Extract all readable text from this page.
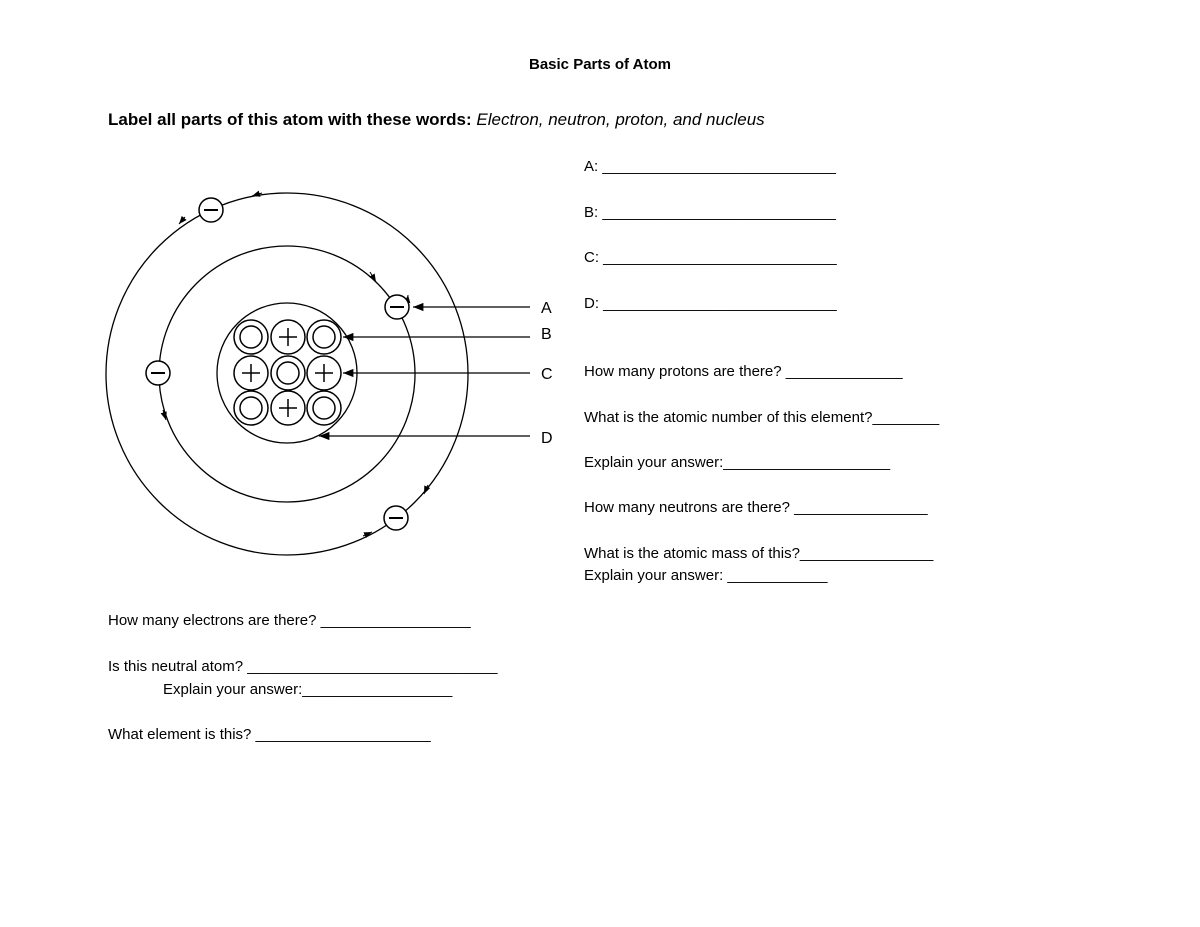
Basic Parts of Atom
Label all parts of this atom with these words: Electron, neutron, proton, and nucleus
A
B
C
D
A: ____________________________
B: ____________________________
C: ____________________________
D: ____________________________
How many protons are there? ______________
What is the atomic number of this element?________
Explain your answer:____________________
How many neutrons are there? ________________
What is the atomic mass of this?________________
Explain your answer: ____________
How many electrons are there? __________________
Is this neutral atom? ______________________________
Explain your answer:__________________
What element is this? _____________________
